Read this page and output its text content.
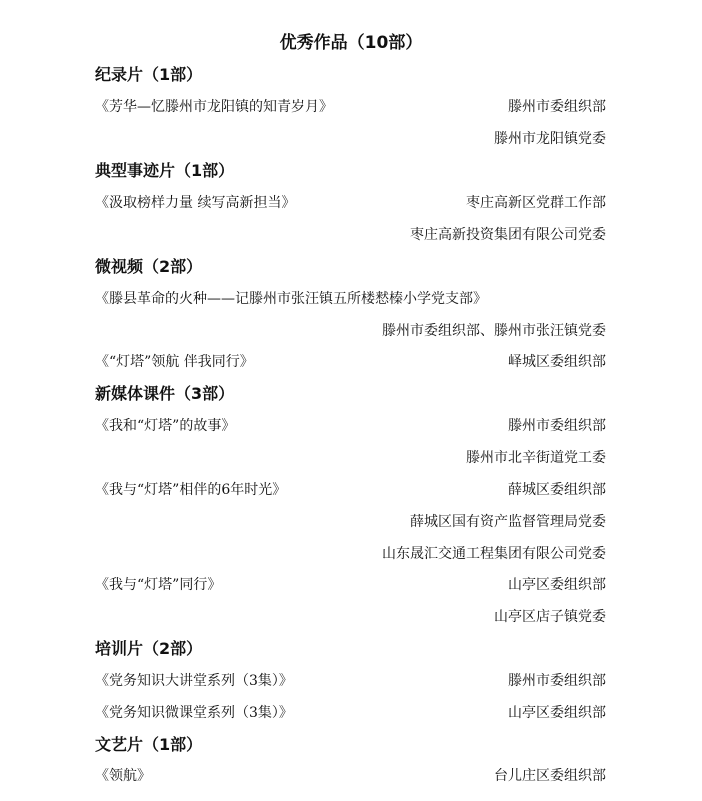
优秀作品（10部）
纪录片（1部）
《芳华—忆滕州市龙阳镇的知青岁月》	滕州市委组织部
滕州市龙阳镇党委
典型事迹片（1部）
《汲取榜样力量 续写高新担当》	枣庄高新区党群工作部
枣庄高新投资集团有限公司党委
微视频（2部）
《滕县革命的火种——记滕州市张汪镇五所楼慭榛小学党支部》
滕州市委组织部、滕州市张汪镇党委
《“灯塔”领航 伴我同行》	峄城区委组织部
新媒体课件（3部）
《我和“灯塔”的故事》	滕州市委组织部
滕州市北辛街道党工委
《我与“灯塔”相伴的6年时光》	薛城区委组织部
薛城区国有资产监督管理局党委
山东晟汇交通工程集团有限公司党委
《我与“灯塔”同行》	山亭区委组织部
山亭区店子镇党委
培训片（2部）
《党务知识大讲堂系列（3集）》	滕州市委组织部
《党务知识微课堂系列（3集）》	山亭区委组织部
文艺片（1部）
《领航》	台儿庄区委组织部
